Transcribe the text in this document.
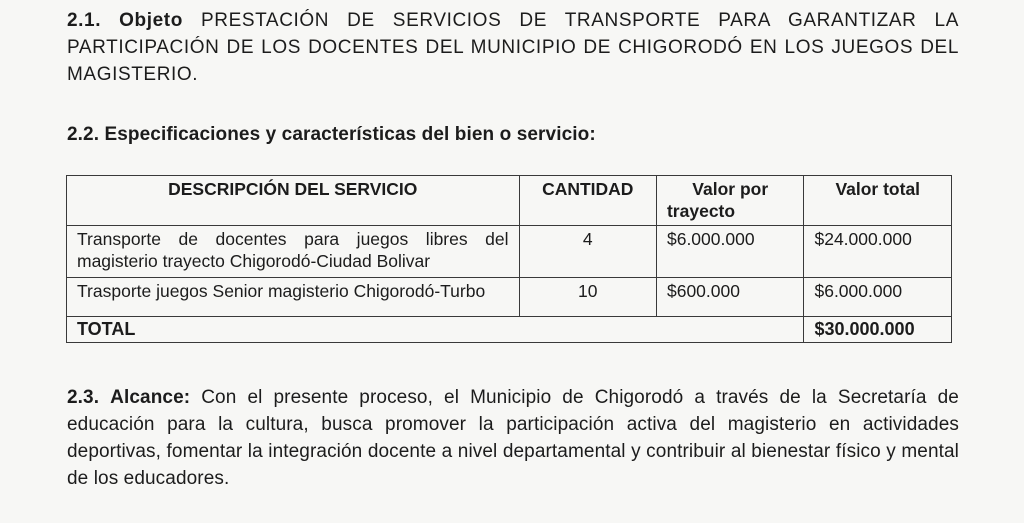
2.1. Objeto PRESTACIÓN DE SERVICIOS DE TRANSPORTE PARA GARANTIZAR LA PARTICIPACIÓN DE LOS DOCENTES DEL MUNICIPIO DE CHIGORODÓ EN LOS JUEGOS DEL MAGISTERIO.

2.2. Especificaciones y características del bien o servicio:
DESCRIPCIÓN DEL SERVICIO	CANTIDAD	Valor por trayecto	Valor total
Transporte de docentes para juegos libres del magisterio trayecto Chigorodó-Ciudad Bolivar	4	$6.000.000	$24.000.000
Trasporte juegos Senior magisterio Chigorodó-Turbo	10	$600.000	$6.000.000
TOTAL			$30.000.000

2.3. Alcance: Con el presente proceso, el Municipio de Chigorodó a través de la Secretaría de educación para la cultura, busca promover la participación activa del magisterio en actividades deportivas, fomentar la integración docente a nivel departamental y contribuir al bienestar físico y mental de los educadores.
